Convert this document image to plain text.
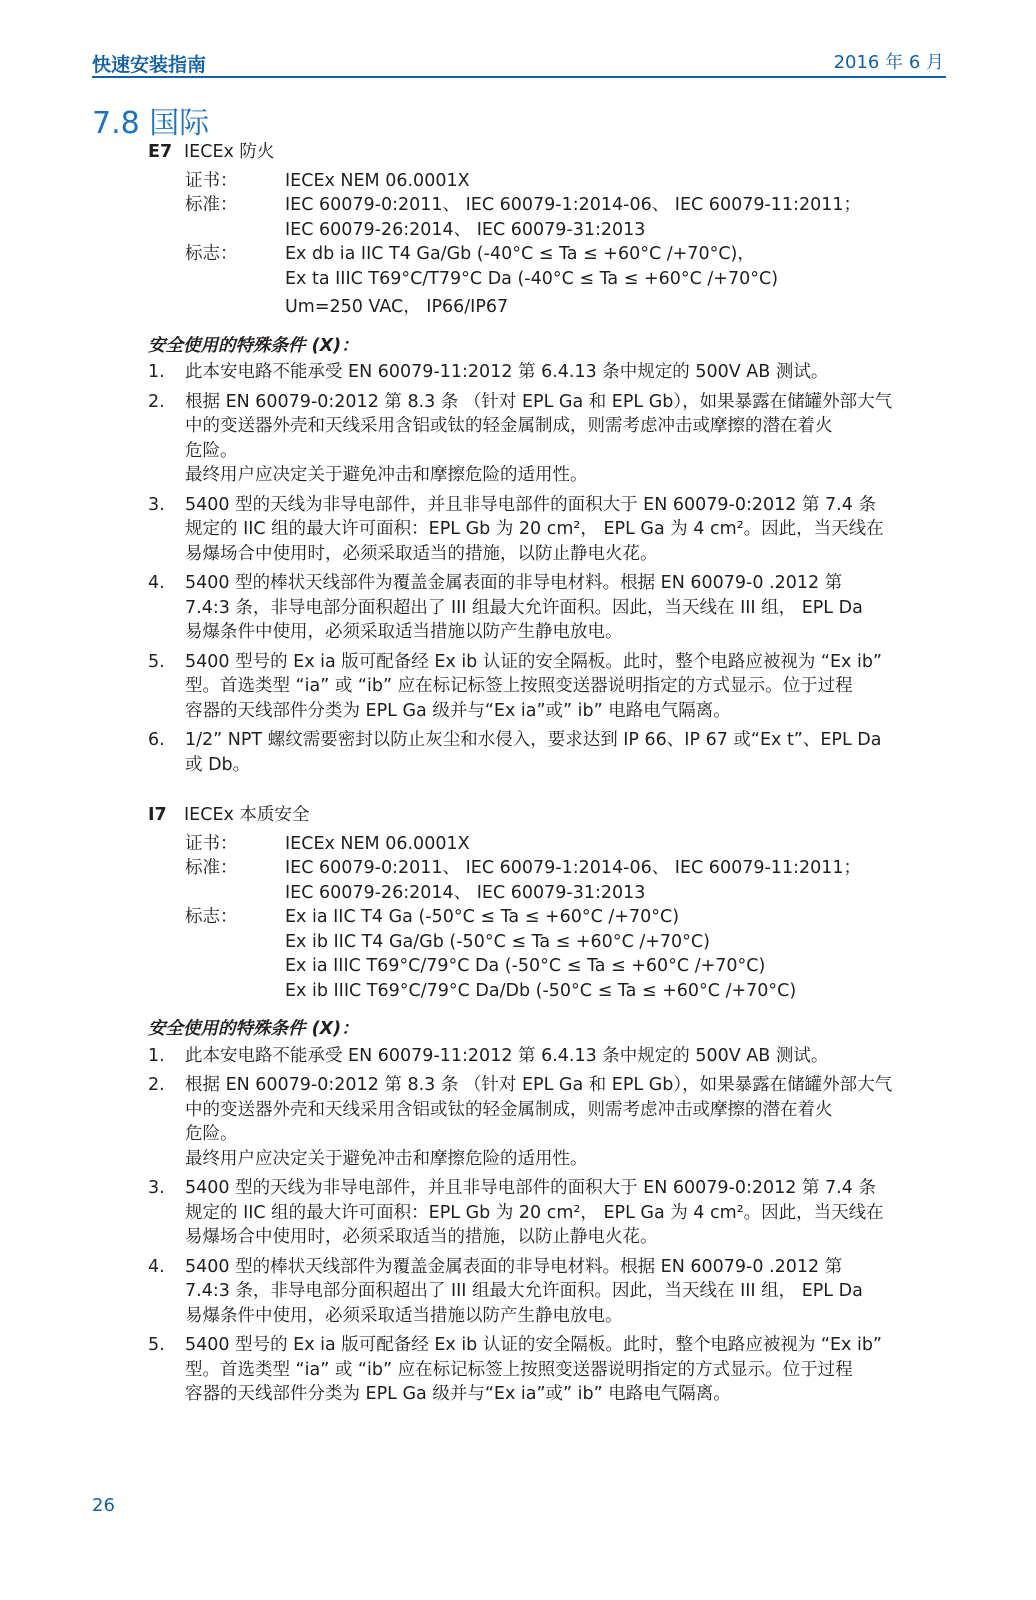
快速安装指南	2016 年 6 月
7.8 国际
E7 IECEx 防火
证书：	IECEx NEM 06.0001X
标准：	IEC 60079-0:2011、 IEC 60079-1:2014-06、 IEC 60079-11:2011；
IEC 60079-26:2014、 IEC 60079-31:2013
标志：	Ex db ia IIC T4 Ga/Gb (-40°C ≤ Ta ≤ +60°C /+70°C)，
Ex ta IIIC T69°C/T79°C Da (-40°C ≤ Ta ≤ +60°C /+70°C)
Um=250 VAC， IP66/IP67
安全使用的特殊条件 (X)：
1.	此本安电路不能承受 EN 60079-11:2012 第 6.4.13 条中规定的 500V AB 测试。
2.	根据 EN 60079-0:2012 第 8.3 条 （针对 EPL Ga 和 EPL Gb），如果暴露在储罐外部大气
中的变送器外壳和天线采用含铝或钛的轻金属制成，则需考虑冲击或摩擦的潜在着火
危险。
最终用户应决定关于避免冲击和摩擦危险的适用性。
3.	5400 型的天线为非导电部件，并且非导电部件的面积大于 EN 60079-0:2012 第 7.4 条
规定的 IIC 组的最大许可面积：EPL Gb 为 20 cm²， EPL Ga 为 4 cm²。因此，当天线在
易爆场合中使用时，必须采取适当的措施，以防止静电火花。
4.	5400 型的棒状天线部件为覆盖金属表面的非导电材料。根据 EN 60079-0 .2012 第
7.4:3 条，非导电部分面积超出了 III 组最大允许面积。因此，当天线在 III 组， EPL Da
易爆条件中使用，必须采取适当措施以防产生静电放电。
5.	5400 型号的 Ex ia 版可配备经 Ex ib 认证的安全隔板。此时，整个电路应被视为 “Ex ib”
型。首选类型 “ia” 或 “ib” 应在标记标签上按照变送器说明指定的方式显示。位于过程
容器的天线部件分类为 EPL Ga 级并与“Ex ia”或” ib” 电路电气隔离。
6.	1/2” NPT 螺纹需要密封以防止灰尘和水侵入，要求达到 IP 66、IP 67 或“Ex t”、EPL Da
或 Db。
I7 IECEx 本质安全
证书：	IECEx NEM 06.0001X
标准：	IEC 60079-0:2011、 IEC 60079-1:2014-06、 IEC 60079-11:2011；
IEC 60079-26:2014、 IEC 60079-31:2013
标志：	Ex ia IIC T4 Ga (-50°C ≤ Ta ≤ +60°C /+70°C)
Ex ib IIC T4 Ga/Gb (-50°C ≤ Ta ≤ +60°C /+70°C)
Ex ia IIIC T69°C/79°C Da (-50°C ≤ Ta ≤ +60°C /+70°C)
Ex ib IIIC T69°C/79°C Da/Db (-50°C ≤ Ta ≤ +60°C /+70°C)
安全使用的特殊条件 (X)：
1.	此本安电路不能承受 EN 60079-11:2012 第 6.4.13 条中规定的 500V AB 测试。
2.	根据 EN 60079-0:2012 第 8.3 条 （针对 EPL Ga 和 EPL Gb），如果暴露在储罐外部大气
中的变送器外壳和天线采用含铝或钛的轻金属制成，则需考虑冲击或摩擦的潜在着火
危险。
最终用户应决定关于避免冲击和摩擦危险的适用性。
3.	5400 型的天线为非导电部件，并且非导电部件的面积大于 EN 60079-0:2012 第 7.4 条
规定的 IIC 组的最大许可面积：EPL Gb 为 20 cm²， EPL Ga 为 4 cm²。因此，当天线在
易爆场合中使用时，必须采取适当的措施，以防止静电火花。
4.	5400 型的棒状天线部件为覆盖金属表面的非导电材料。根据 EN 60079-0 .2012 第
7.4:3 条，非导电部分面积超出了 III 组最大允许面积。因此，当天线在 III 组， EPL Da
易爆条件中使用，必须采取适当措施以防产生静电放电。
5.	5400 型号的 Ex ia 版可配备经 Ex ib 认证的安全隔板。此时，整个电路应被视为 “Ex ib”
型。首选类型 “ia” 或 “ib” 应在标记标签上按照变送器说明指定的方式显示。位于过程
容器的天线部件分类为 EPL Ga 级并与“Ex ia”或” ib” 电路电气隔离。
26
